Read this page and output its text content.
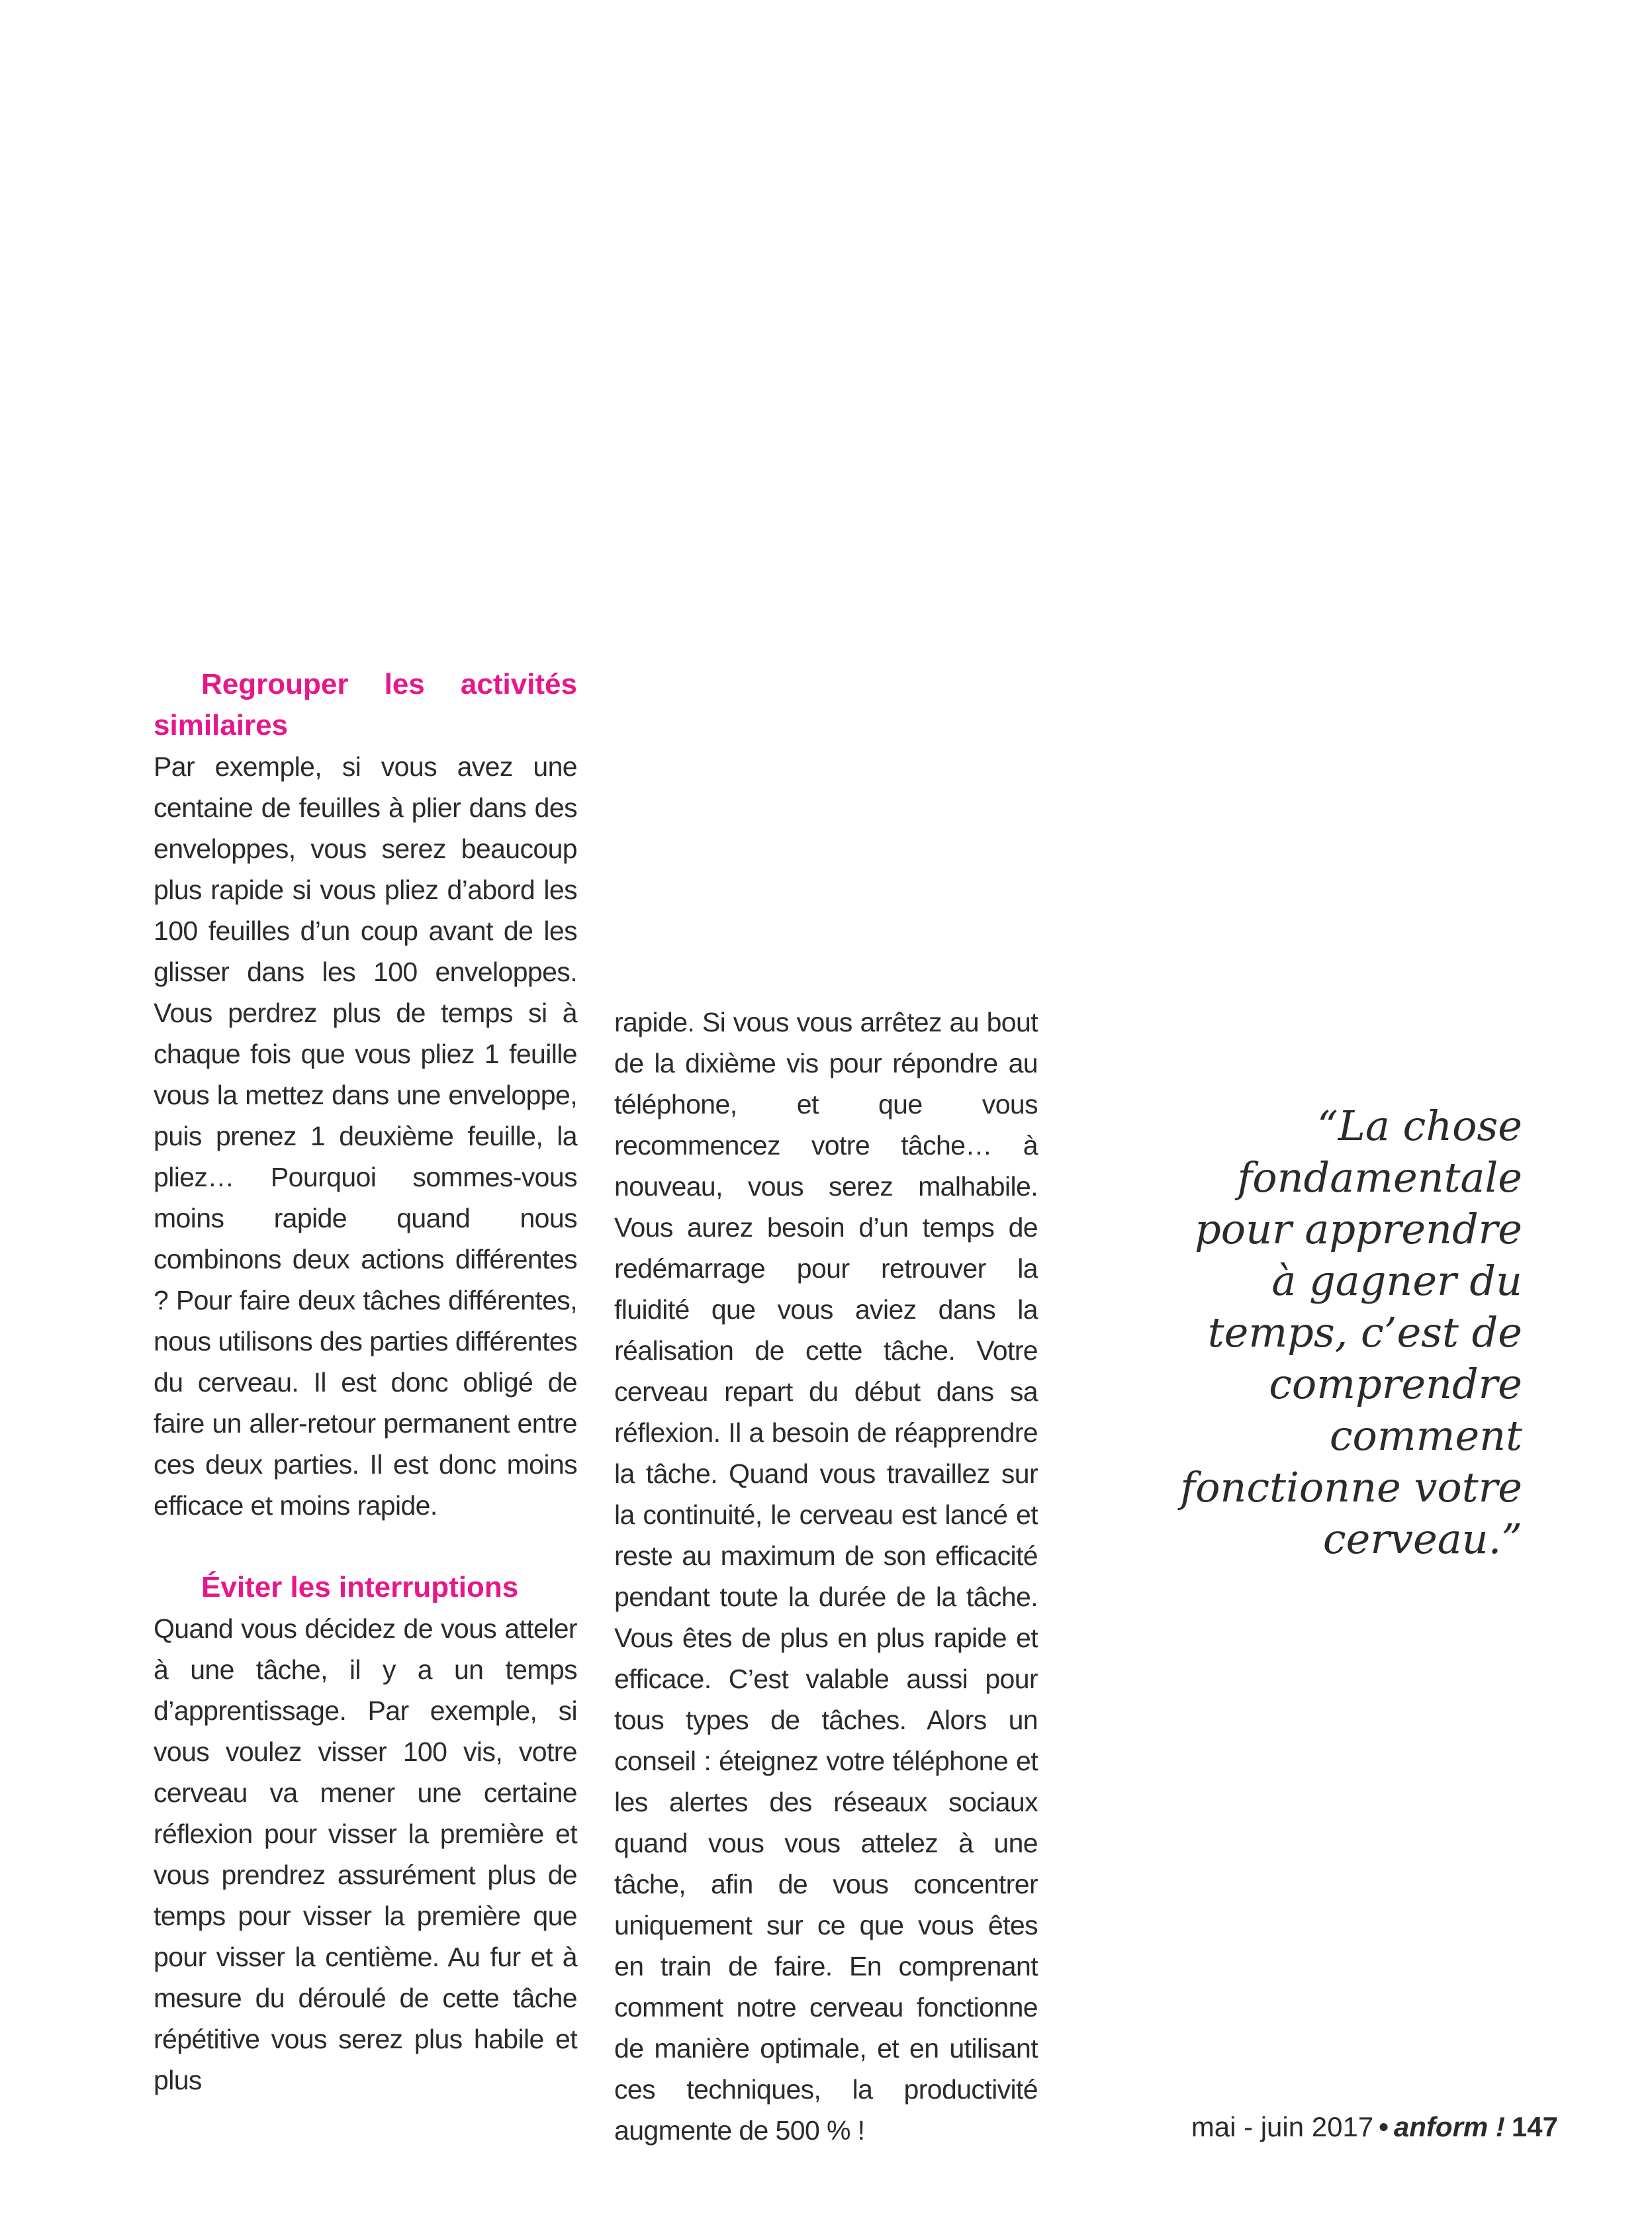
Regrouper les activités similaires

Par exemple, si vous avez une centaine de feuilles à plier dans des enveloppes, vous serez beaucoup plus rapide si vous pliez d’abord les 100 feuilles d’un coup avant de les glisser dans les 100 enveloppes. Vous perdrez plus de temps si à chaque fois que vous pliez 1 feuille vous la mettez dans une enveloppe, puis prenez 1 deuxième feuille, la pliez… Pourquoi sommes-vous moins rapide quand nous combinons deux actions différentes ? Pour faire deux tâches différentes, nous utilisons des parties différentes du cerveau. Il est donc obligé de faire un aller-retour permanent entre ces deux parties. Il est donc moins efficace et moins rapide.

Éviter les interruptions

Quand vous décidez de vous atteler à une tâche, il y a un temps d’apprentissage. Par exemple, si vous voulez visser 100 vis, votre cerveau va mener une certaine réflexion pour visser la première et vous prendrez assurément plus de temps pour visser la première que pour visser la centième. Au fur et à mesure du déroulé de cette tâche répétitive vous serez plus habile et plus

rapide. Si vous vous arrêtez au bout de la dixième vis pour répondre au téléphone, et que vous recommencez votre tâche… à nouveau, vous serez malhabile. Vous aurez besoin d’un temps de redémarrage pour retrouver la fluidité que vous aviez dans la réalisation de cette tâche. Votre cerveau repart du début dans sa réflexion. Il a besoin de réapprendre la tâche. Quand vous travaillez sur la continuité, le cerveau est lancé et reste au maximum de son efficacité pendant toute la durée de la tâche. Vous êtes de plus en plus rapide et efficace. C’est valable aussi pour tous types de tâches. Alors un conseil : éteignez votre téléphone et les alertes des réseaux sociaux quand vous vous attelez à une tâche, afin de vous concentrer uniquement sur ce que vous êtes en train de faire. En comprenant comment notre cerveau fonctionne de manière optimale, et en utilisant ces techniques, la productivité augmente de 500 % !

“La chose
fondamentale
pour apprendre
à gagner du
temps, c’est de
comprendre
comment
fonctionne votre
cerveau.”
mai - juin 2017 • anform ! 147
